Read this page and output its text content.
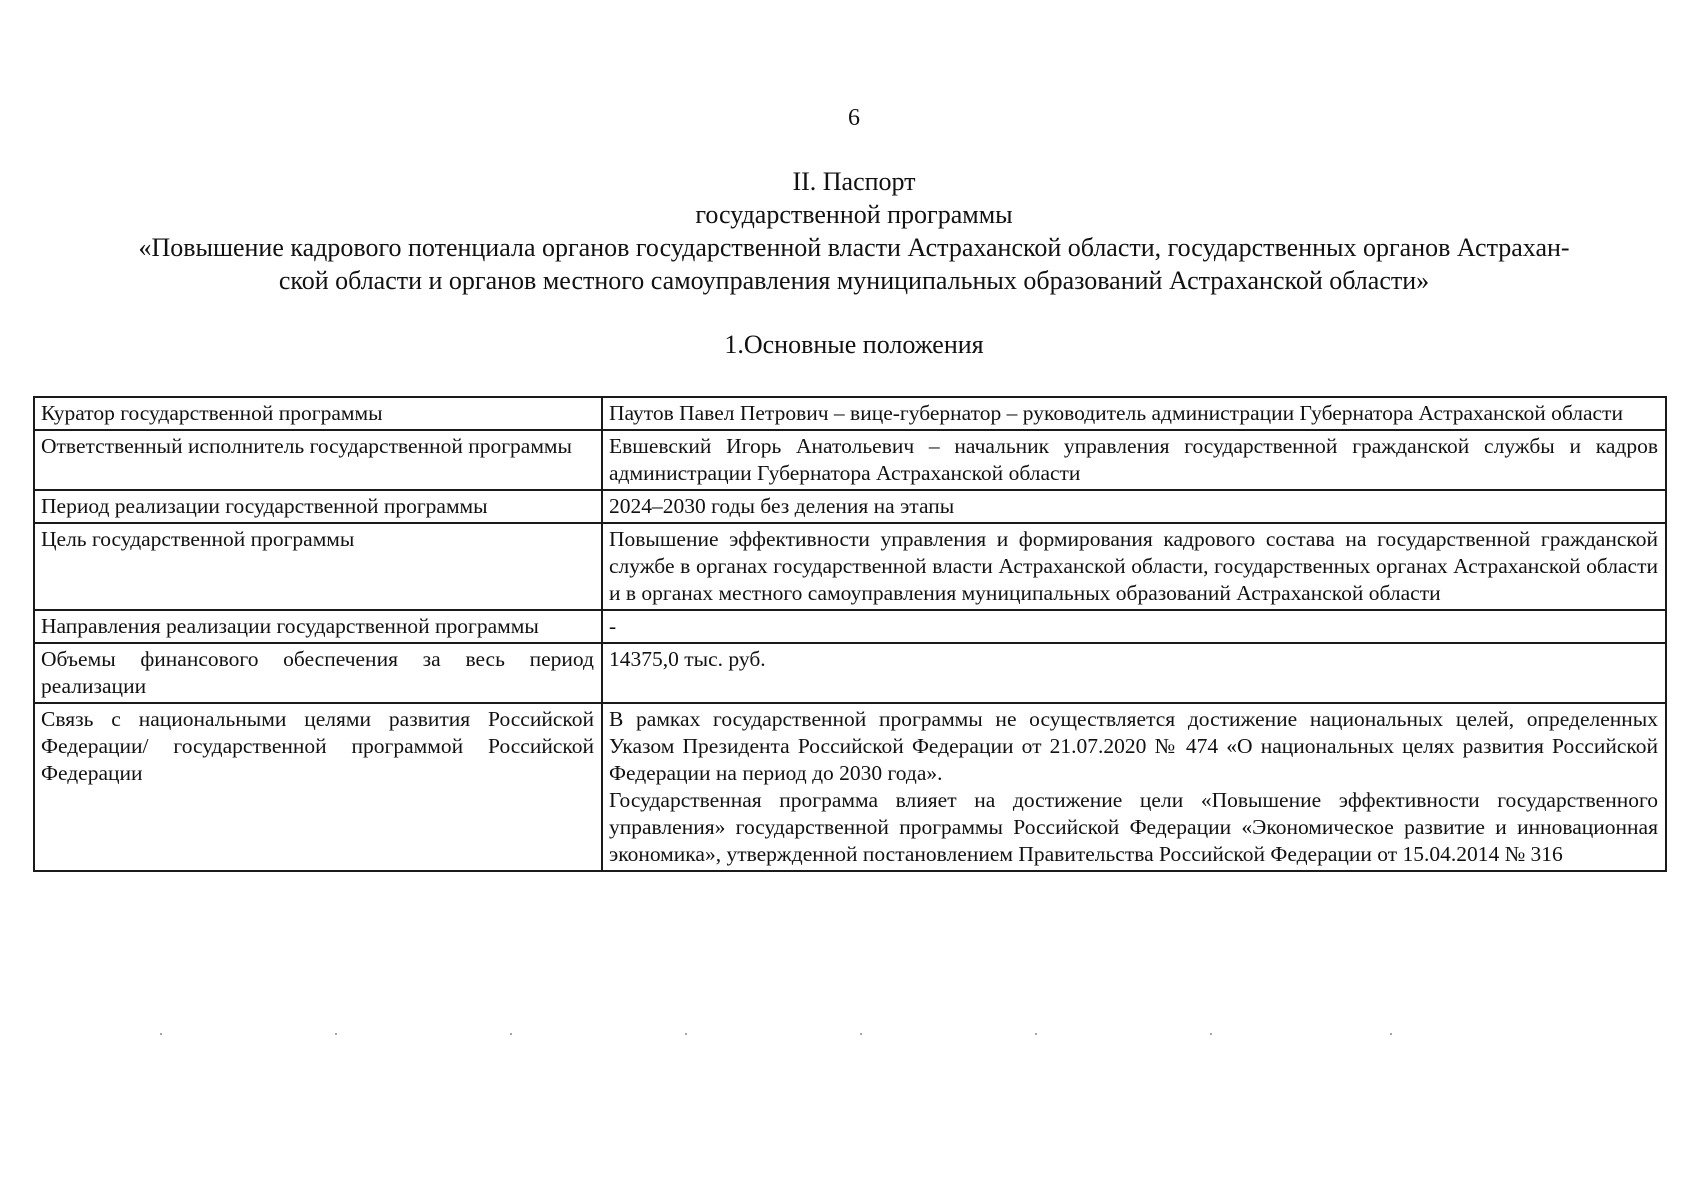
6
II. Паспорт
государственной программы
«Повышение кадрового потенциала органов государственной власти Астраханской области, государственных органов Астрахан-
ской области и органов местного самоуправления муниципальных образований Астраханской области»
1.Основные положения
Куратор государственной программы	Паутов Павел Петрович – вице-губернатор – руководитель администрации Губернатора Астраханской области
Ответственный исполнитель государственной программы	Евшевский Игорь Анатольевич – начальник управления государственной гражданской службы и кадров администрации Губернатора Астраханской области
Период реализации государственной программы	2024–2030 годы без деления на этапы
Цель государственной программы	Повышение эффективности управления и формирования кадрового состава на государственной гражданской службе в органах государственной власти Астраханской области, государственных органах Астраханской области и в органах местного самоуправления муниципальных образований Астраханской области
Направления реализации государственной программы	-
Объемы финансового обеспечения за весь период реализации	14375,0 тыс. руб.
Связь с национальными целями развития Российской Федерации/ государственной программой Российской Федерации	В рамках государственной программы не осуществляется достижение национальных целей, определенных Указом Президента Российской Федерации от 21.07.2020 № 474 «О национальных целях развития Российской Федерации на период до 2030 года».
Государственная программа влияет на достижение цели «Повышение эффективности государственного управления» государственной программы Российской Федерации «Экономическое развитие и инновационная экономика», утвержденной постановлением Правительства Российской Федерации от 15.04.2014 № 316
